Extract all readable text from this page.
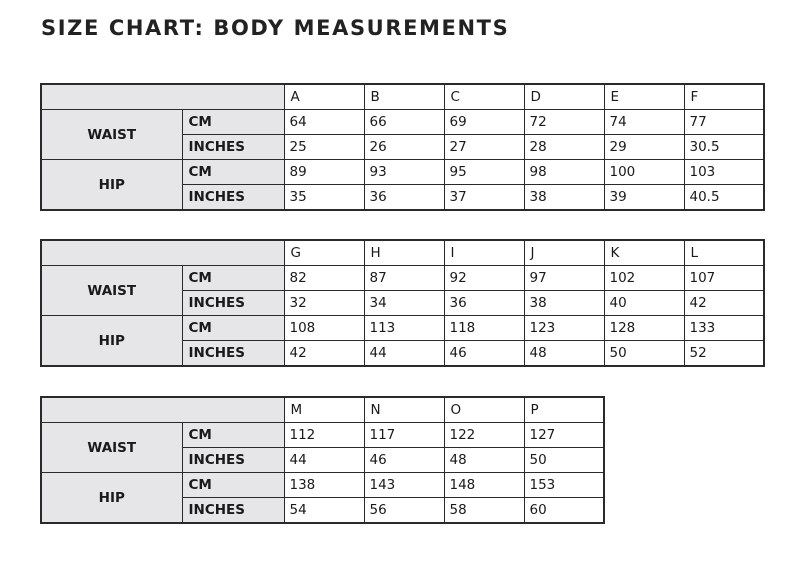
SIZE CHART: BODY MEASUREMENTS
		A	B	C	D	E	F
WAIST	CM	64	66	69	72	74	77
	INCHES	25	26	27	28	29	30.5
HIP	CM	89	93	95	98	100	103
	INCHES	35	36	37	38	39	40.5
		G	H	I	J	K	L
WAIST	CM	82	87	92	97	102	107
	INCHES	32	34	36	38	40	42
HIP	CM	108	113	118	123	128	133
	INCHES	42	44	46	48	50	52
		M	N	O	P
WAIST	CM	112	117	122	127
	INCHES	44	46	48	50
HIP	CM	138	143	148	153
	INCHES	54	56	58	60
